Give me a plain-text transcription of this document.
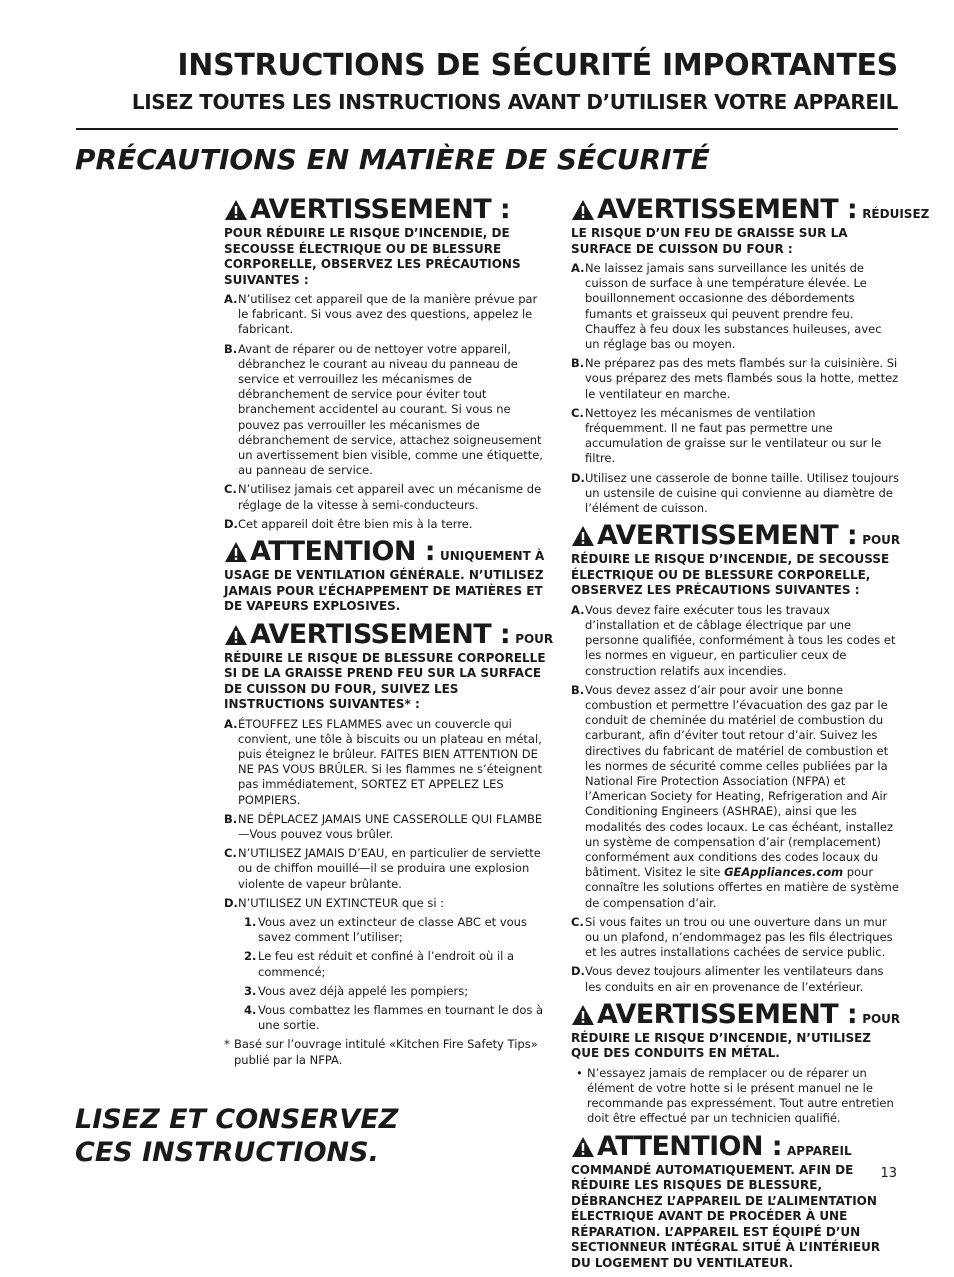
INSTRUCTIONS DE SÉCURITÉ IMPORTANTES
LISEZ TOUTES LES INSTRUCTIONS AVANT D’UTILISER VOTRE APPAREIL
PRÉCAUTIONS EN MATIÈRE DE SÉCURITÉ
AVERTISSEMENT :
POUR RÉDUIRE LE RISQUE D’INCENDIE, DE SECOUSSE ÉLECTRIQUE OU DE BLESSURE CORPORELLE, OBSERVEZ LES PRÉCAUTIONS SUIVANTES :
A. N’utilisez cet appareil que de la manière prévue par le fabricant. Si vous avez des questions, appelez le fabricant.
B. Avant de réparer ou de nettoyer votre appareil, débranchez le courant au niveau du panneau de service et verrouillez les mécanismes de débranchement de service pour éviter tout branchement accidentel au courant. Si vous ne pouvez pas verrouiller les mécanismes de débranchement de service, attachez soigneusement un avertissement bien visible, comme une étiquette, au panneau de service.
C. N’utilisez jamais cet appareil avec un mécanisme de réglage de la vitesse à semi-conducteurs.
D. Cet appareil doit être bien mis à la terre.
ATTENTION : UNIQUEMENT À
USAGE DE VENTILATION GÉNÉRALE. N’UTILISEZ JAMAIS POUR L’ÉCHAPPEMENT DE MATIÈRES ET DE VAPEURS EXPLOSIVES.
AVERTISSEMENT : POUR
RÉDUIRE LE RISQUE DE BLESSURE CORPORELLE SI DE LA GRAISSE PREND FEU SUR LA SURFACE DE CUISSON DU FOUR, SUIVEZ LES INSTRUCTIONS SUIVANTES* :
A. ÉTOUFFEZ LES FLAMMES avec un couvercle qui convient, une tôle à biscuits ou un plateau en métal, puis éteignez le brûleur. FAITES BIEN ATTENTION DE NE PAS VOUS BRÛLER. Si les flammes ne s’éteignent pas immédiatement, SORTEZ ET APPELEZ LES POMPIERS.
B. NE DÉPLACEZ JAMAIS UNE CASSEROLLE QUI FLAMBE—Vous pouvez vous brûler.
C. N’UTILISEZ JAMAIS D’EAU, en particulier de serviette ou de chiffon mouillé—il se produira une explosion violente de vapeur brûlante.
D. N’UTILISEZ UN EXTINCTEUR que si :
1. Vous avez un extincteur de classe ABC et vous savez comment l’utiliser;
2. Le feu est réduit et confiné à l’endroit où il a commencé;
3. Vous avez déjà appelé les pompiers;
4. Vous combattez les flammes en tournant le dos à une sortie.
* Basé sur l’ouvrage intitulé «Kitchen Fire Safety Tips» publié par la NFPA.
AVERTISSEMENT : RÉDUISEZ
LE RISQUE D’UN FEU DE GRAISSE SUR LA SURFACE DE CUISSON DU FOUR :
A. Ne laissez jamais sans surveillance les unités de cuisson de surface à une température élevée. Le bouillonnement occasionne des débordements fumants et graisseux qui peuvent prendre feu. Chauffez à feu doux les substances huileuses, avec un réglage bas ou moyen.
B. Ne préparez pas des mets flambés sur la cuisinière. Si vous préparez des mets flambés sous la hotte, mettez le ventilateur en marche.
C. Nettoyez les mécanismes de ventilation fréquemment. Il ne faut pas permettre une accumulation de graisse sur le ventilateur ou sur le filtre.
D. Utilisez une casserole de bonne taille. Utilisez toujours un ustensile de cuisine qui convienne au diamètre de l’élément de cuisson.
AVERTISSEMENT : POUR
RÉDUIRE LE RISQUE D’INCENDIE, DE SECOUSSE ÉLECTRIQUE OU DE BLESSURE CORPORELLE, OBSERVEZ LES PRÉCAUTIONS SUIVANTES :
A. Vous devez faire exécuter tous les travaux d’installation et de câblage électrique par une personne qualifiée, conformément à tous les codes et les normes en vigueur, en particulier ceux de construction relatifs aux incendies.
B. Vous devez assez d’air pour avoir une bonne combustion et permettre l’évacuation des gaz par le conduit de cheminée du matériel de combustion du carburant, afin d’éviter tout retour d’air. Suivez les directives du fabricant de matériel de combustion et les normes de sécurité comme celles publiées par la National Fire Protection Association (NFPA) et l’American Society for Heating, Refrigeration and Air Conditioning Engineers (ASHRAE), ainsi que les modalités des codes locaux. Le cas échéant, installez un système de compensation d’air (remplacement) conformément aux conditions des codes locaux du bâtiment. Visitez le site GEAppliances.com pour connaître les solutions offertes en matière de système de compensation d’air.
C. Si vous faites un trou ou une ouverture dans un mur ou un plafond, n’endommagez pas les fils électriques et les autres installations cachées de service public.
D. Vous devez toujours alimenter les ventilateurs dans les conduits en air en provenance de l’extérieur.
AVERTISSEMENT : POUR
RÉDUIRE LE RISQUE D’INCENDIE, N’UTILISEZ QUE DES CONDUITS EN MÉTAL.
• N’essayez jamais de remplacer ou de réparer un élément de votre hotte si le présent manuel ne le recommande pas expressément. Tout autre entretien doit être effectué par un technicien qualifié.
ATTENTION : APPAREIL
COMMANDÉ AUTOMATIQUEMENT. AFIN DE RÉDUIRE LES RISQUES DE BLESSURE, DÉBRANCHEZ L’APPAREIL DE L’ALIMENTATION ÉLECTRIQUE AVANT DE PROCÉDER À UNE RÉPARATION. L’APPAREIL EST ÉQUIPÉ D’UN SECTIONNEUR INTÉGRAL SITUÉ À L’INTÉRIEUR DU LOGEMENT DU VENTILATEUR.
LISEZ ET CONSERVEZ
CES INSTRUCTIONS.
13
